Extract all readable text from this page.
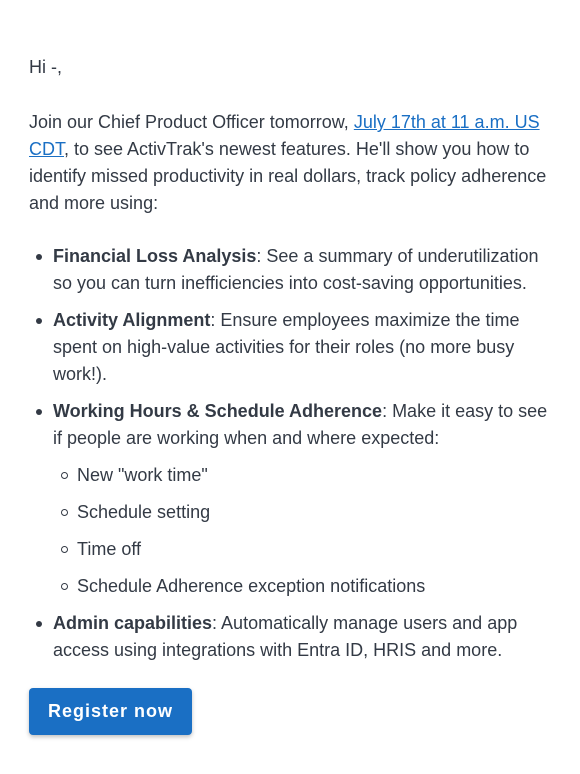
Hi -,

Join our Chief Product Officer tomorrow, July 17th at 11 a.m. US CDT, to see ActivTrak's newest features. He'll show you how to identify missed productivity in real dollars, track policy adherence and more using:

Financial Loss Analysis: See a summary of underutilization so you can turn inefficiencies into cost-saving opportunities.
Activity Alignment: Ensure employees maximize the time spent on high-value activities for their roles (no more busy work!).
Working Hours & Schedule Adherence: Make it easy to see if people are working when and where expected:
New "work time"
Schedule setting
Time off
Schedule Adherence exception notifications
Admin capabilities: Automatically manage users and app access using integrations with Entra ID, HRIS and more.
Register now
